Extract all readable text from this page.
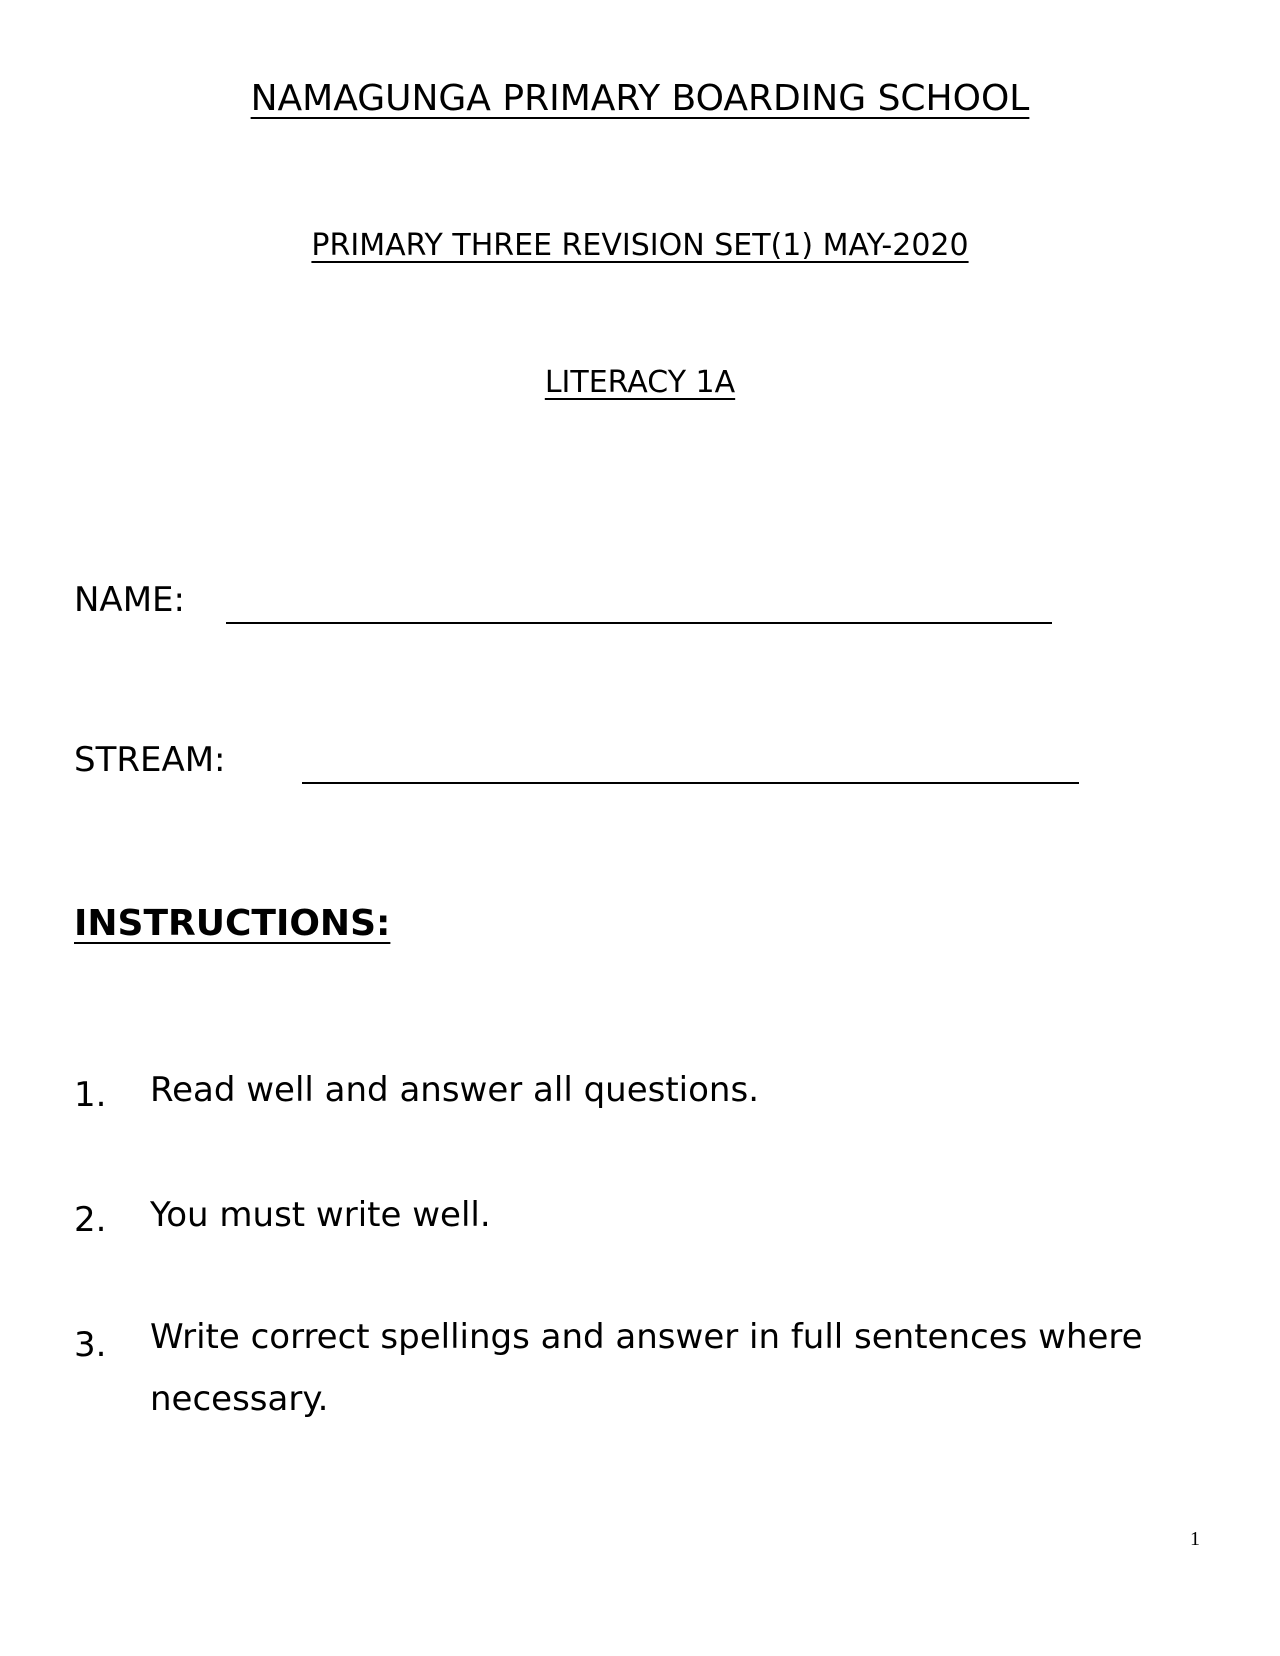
NAMAGUNGA PRIMARY BOARDING SCHOOL
PRIMARY THREE REVISION SET(1) MAY-2020
LITERACY 1A
NAME:
STREAM:
INSTRUCTIONS:
1. Read well and answer all questions.
2. You must write well.
3. Write correct spellings and answer in full sentences where necessary.
1
